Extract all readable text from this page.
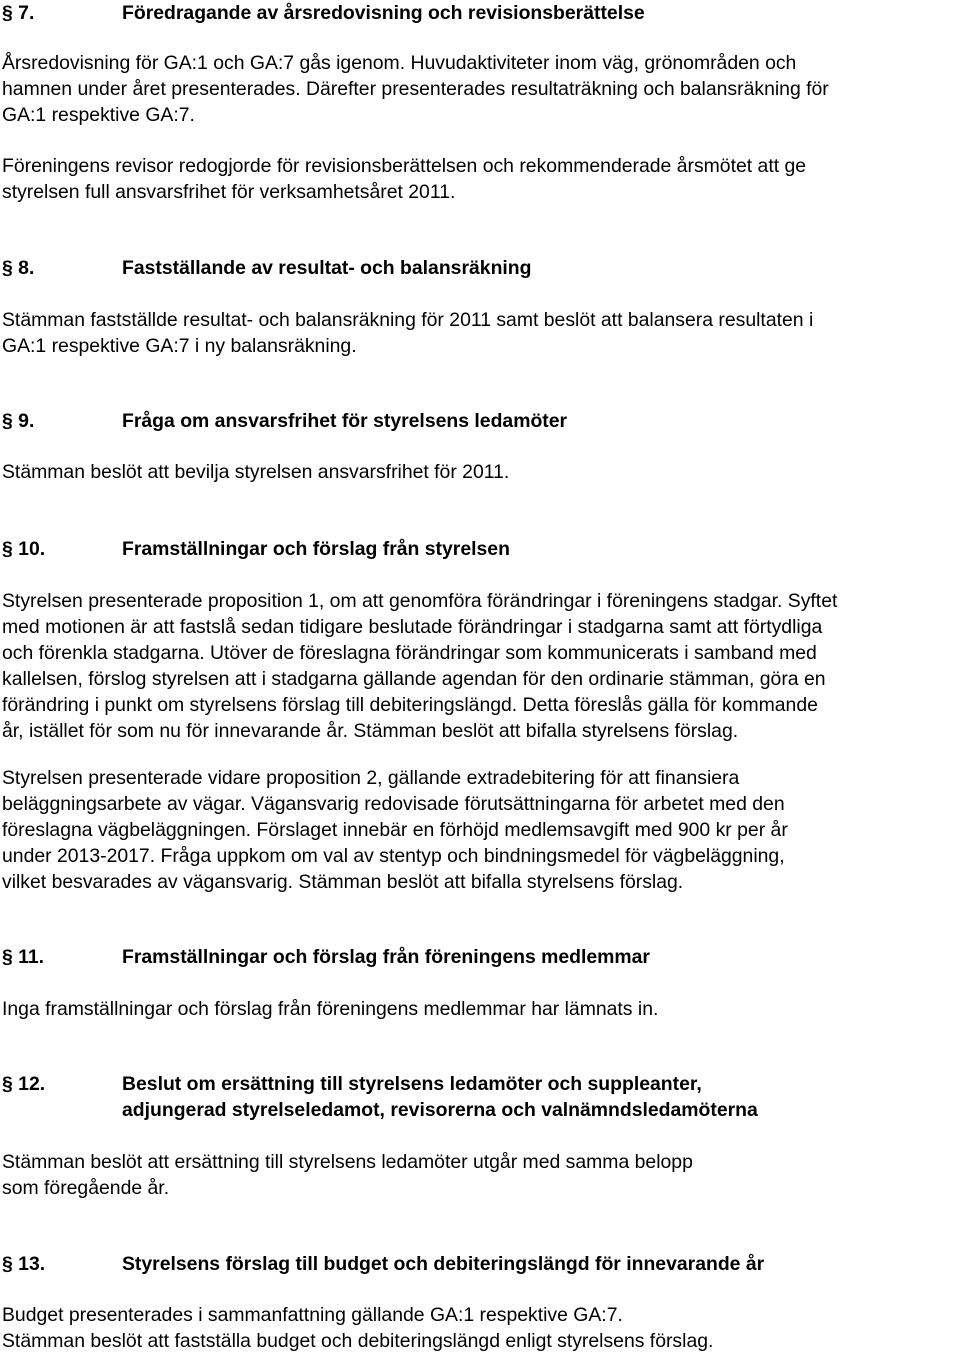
§ 7.	Föredragande av årsredovisning och revisionsberättelse
Årsredovisning för GA:1 och GA:7 gås igenom. Huvudaktiviteter inom väg, grönområden och
hamnen under året presenterades. Därefter presenterades resultaträkning och balansräkning för
GA:1 respektive GA:7.
Föreningens revisor redogjorde för revisionsberättelsen och rekommenderade årsmötet att ge
styrelsen full ansvarsfrihet för verksamhetsåret 2011.
§ 8.	Fastställande av resultat- och balansräkning
Stämman fastställde resultat- och balansräkning för 2011 samt beslöt att balansera resultaten i
GA:1 respektive GA:7 i ny balansräkning.
§ 9.	Fråga om ansvarsfrihet för styrelsens ledamöter
Stämman beslöt att bevilja styrelsen ansvarsfrihet för 2011.
§ 10.	Framställningar och förslag från styrelsen
Styrelsen presenterade proposition 1, om att genomföra förändringar i föreningens stadgar. Syftet
med motionen är att fastslå sedan tidigare beslutade förändringar i stadgarna samt att förtydliga
och förenkla stadgarna. Utöver de föreslagna förändringar som kommunicerats i samband med
kallelsen, förslog styrelsen att i stadgarna gällande agendan för den ordinarie stämman, göra en
förändring i punkt om styrelsens förslag till debiteringslängd. Detta föreslås gälla för kommande
år, istället för som nu för innevarande år. Stämman beslöt att bifalla styrelsens förslag.
Styrelsen presenterade vidare proposition 2, gällande extradebitering för att finansiera
beläggningsarbete av vägar. Vägansvarig redovisade förutsättningarna för arbetet med den
föreslagna vägbeläggningen. Förslaget innebär en förhöjd medlemsavgift med 900 kr per år
under 2013-2017. Fråga uppkom om val av stentyp och bindningsmedel för vägbeläggning,
vilket besvarades av vägansvarig. Stämman beslöt att bifalla styrelsens förslag.
§ 11.	Framställningar och förslag från föreningens medlemmar
Inga framställningar och förslag från föreningens medlemmar har lämnats in.
§ 12.	Beslut om ersättning till styrelsens ledamöter och suppleanter,
adjungerad styrelseledamot, revisorerna och valnämndsledamöterna
Stämman beslöt att ersättning till styrelsens ledamöter utgår med samma belopp
som föregående år.
§ 13.	Styrelsens förslag till budget och debiteringslängd för innevarande år
Budget presenterades i sammanfattning gällande GA:1 respektive GA:7.
Stämman beslöt att fastställa budget och debiteringslängd enligt styrelsens förslag.
